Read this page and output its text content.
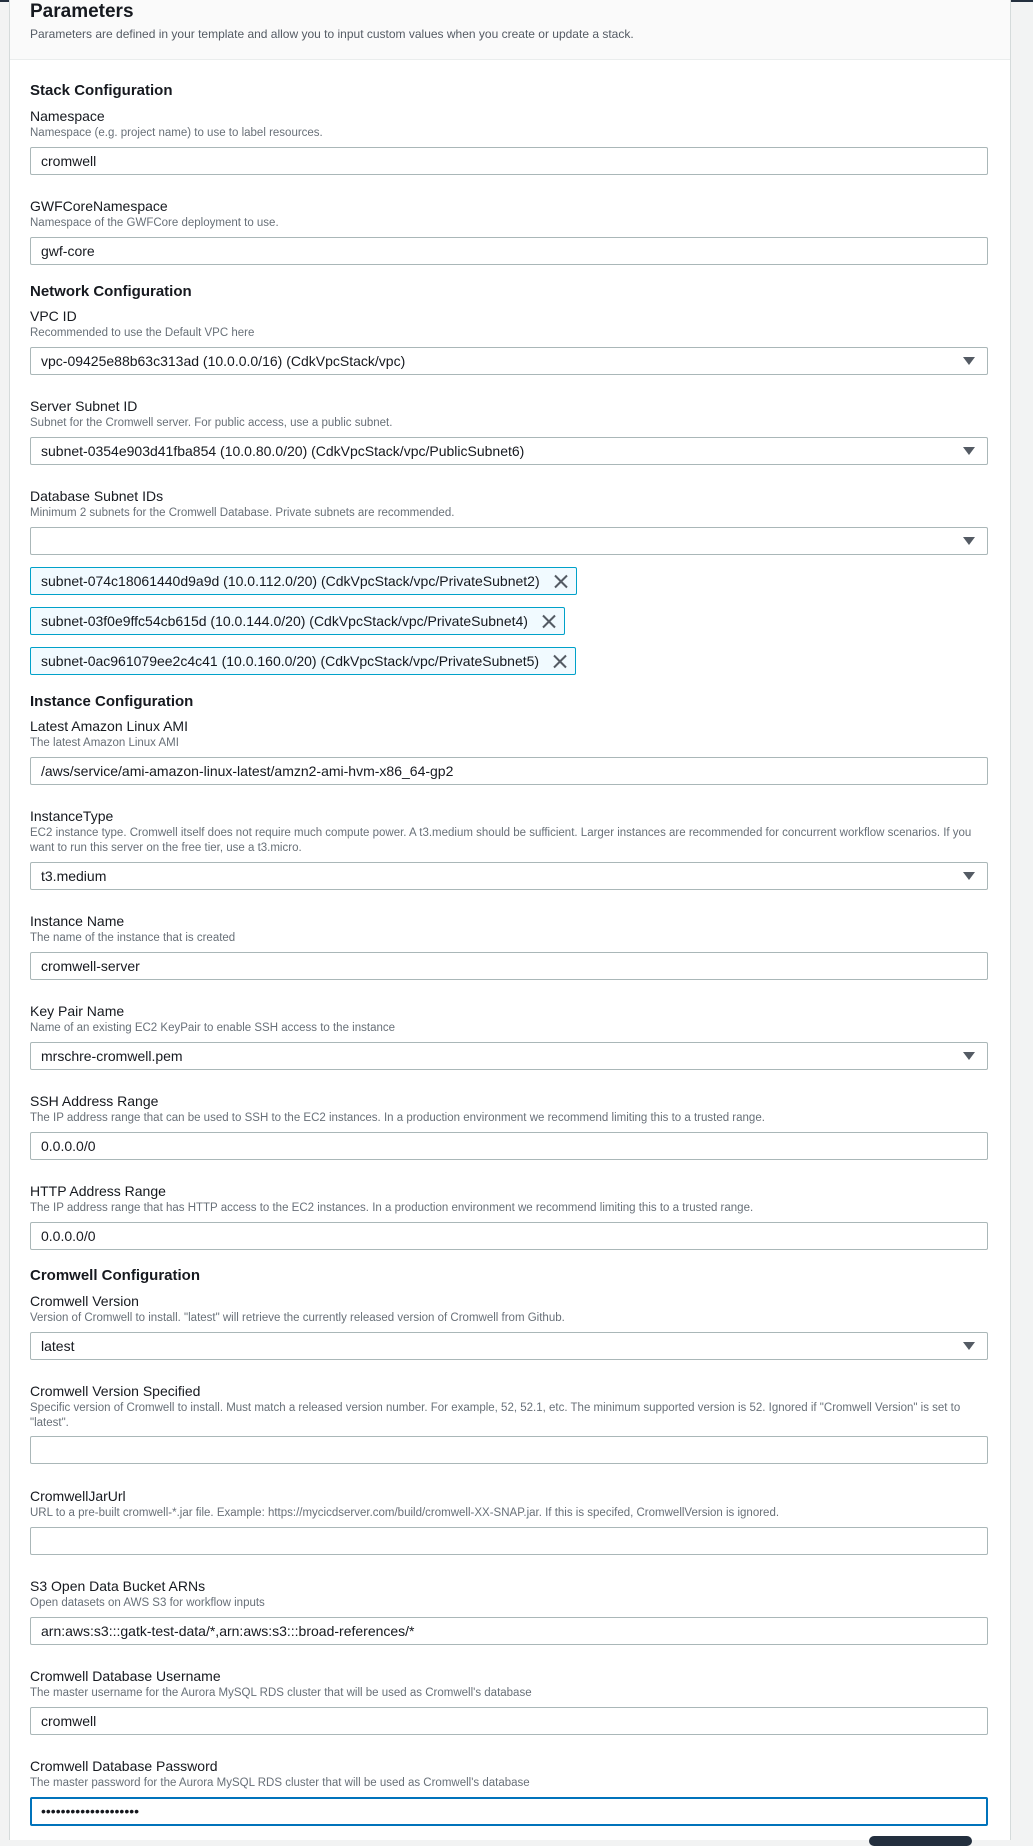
Parameters

Parameters are defined in your template and allow you to input custom values when you create or update a stack.

Stack Configuration
Namespace
Namespace (e.g. project name) to use to label resources.
cromwell
GWFCoreNamespace
Namespace of the GWFCore deployment to use.
gwf-core
Network Configuration
VPC ID
Recommended to use the Default VPC here
vpc-09425e88b63c313ad (10.0.0.0/16) (CdkVpcStack/vpc)
Server Subnet ID
Subnet for the Cromwell server. For public access, use a public subnet.
subnet-0354e903d41fba854 (10.0.80.0/20) (CdkVpcStack/vpc/PublicSubnet6)
Database Subnet IDs
Minimum 2 subnets for the Cromwell Database. Private subnets are recommended.
subnet-074c18061440d9a9d (10.0.112.0/20) (CdkVpcStack/vpc/PrivateSubnet2)
subnet-03f0e9ffc54cb615d (10.0.144.0/20) (CdkVpcStack/vpc/PrivateSubnet4)
subnet-0ac961079ee2c4c41 (10.0.160.0/20) (CdkVpcStack/vpc/PrivateSubnet5)
Instance Configuration
Latest Amazon Linux AMI
The latest Amazon Linux AMI
/aws/service/ami-amazon-linux-latest/amzn2-ami-hvm-x86_64-gp2
InstanceType
EC2 instance type. Cromwell itself does not require much compute power. A t3.medium should be sufficient. Larger instances are recommended for concurrent workflow scenarios. If you want to run this server on the free tier, use a t3.micro.
t3.medium
Instance Name
The name of the instance that is created
cromwell-server
Key Pair Name
Name of an existing EC2 KeyPair to enable SSH access to the instance
mrschre-cromwell.pem
SSH Address Range
The IP address range that can be used to SSH to the EC2 instances. In a production environment we recommend limiting this to a trusted range.
0.0.0.0/0
HTTP Address Range
The IP address range that has HTTP access to the EC2 instances. In a production environment we recommend limiting this to a trusted range.
0.0.0.0/0
Cromwell Configuration
Cromwell Version
Version of Cromwell to install. "latest" will retrieve the currently released version of Cromwell from Github.
latest
Cromwell Version Specified
Specific version of Cromwell to install. Must match a released version number. For example, 52, 52.1, etc. The minimum supported version is 52. Ignored if "Cromwell Version" is set to "latest".
CromwellJarUrl
URL to a pre-built cromwell-*.jar file. Example: https://mycicdserver.com/build/cromwell-XX-SNAP.jar. If this is specifed, CromwellVersion is ignored.
S3 Open Data Bucket ARNs
Open datasets on AWS S3 for workflow inputs
arn:aws:s3:::gatk-test-data/*,arn:aws:s3:::broad-references/*
Cromwell Database Username
The master username for the Aurora MySQL RDS cluster that will be used as Cromwell's database
cromwell
Cromwell Database Password
The master password for the Aurora MySQL RDS cluster that will be used as Cromwell's database
••••••••••••••••••••
